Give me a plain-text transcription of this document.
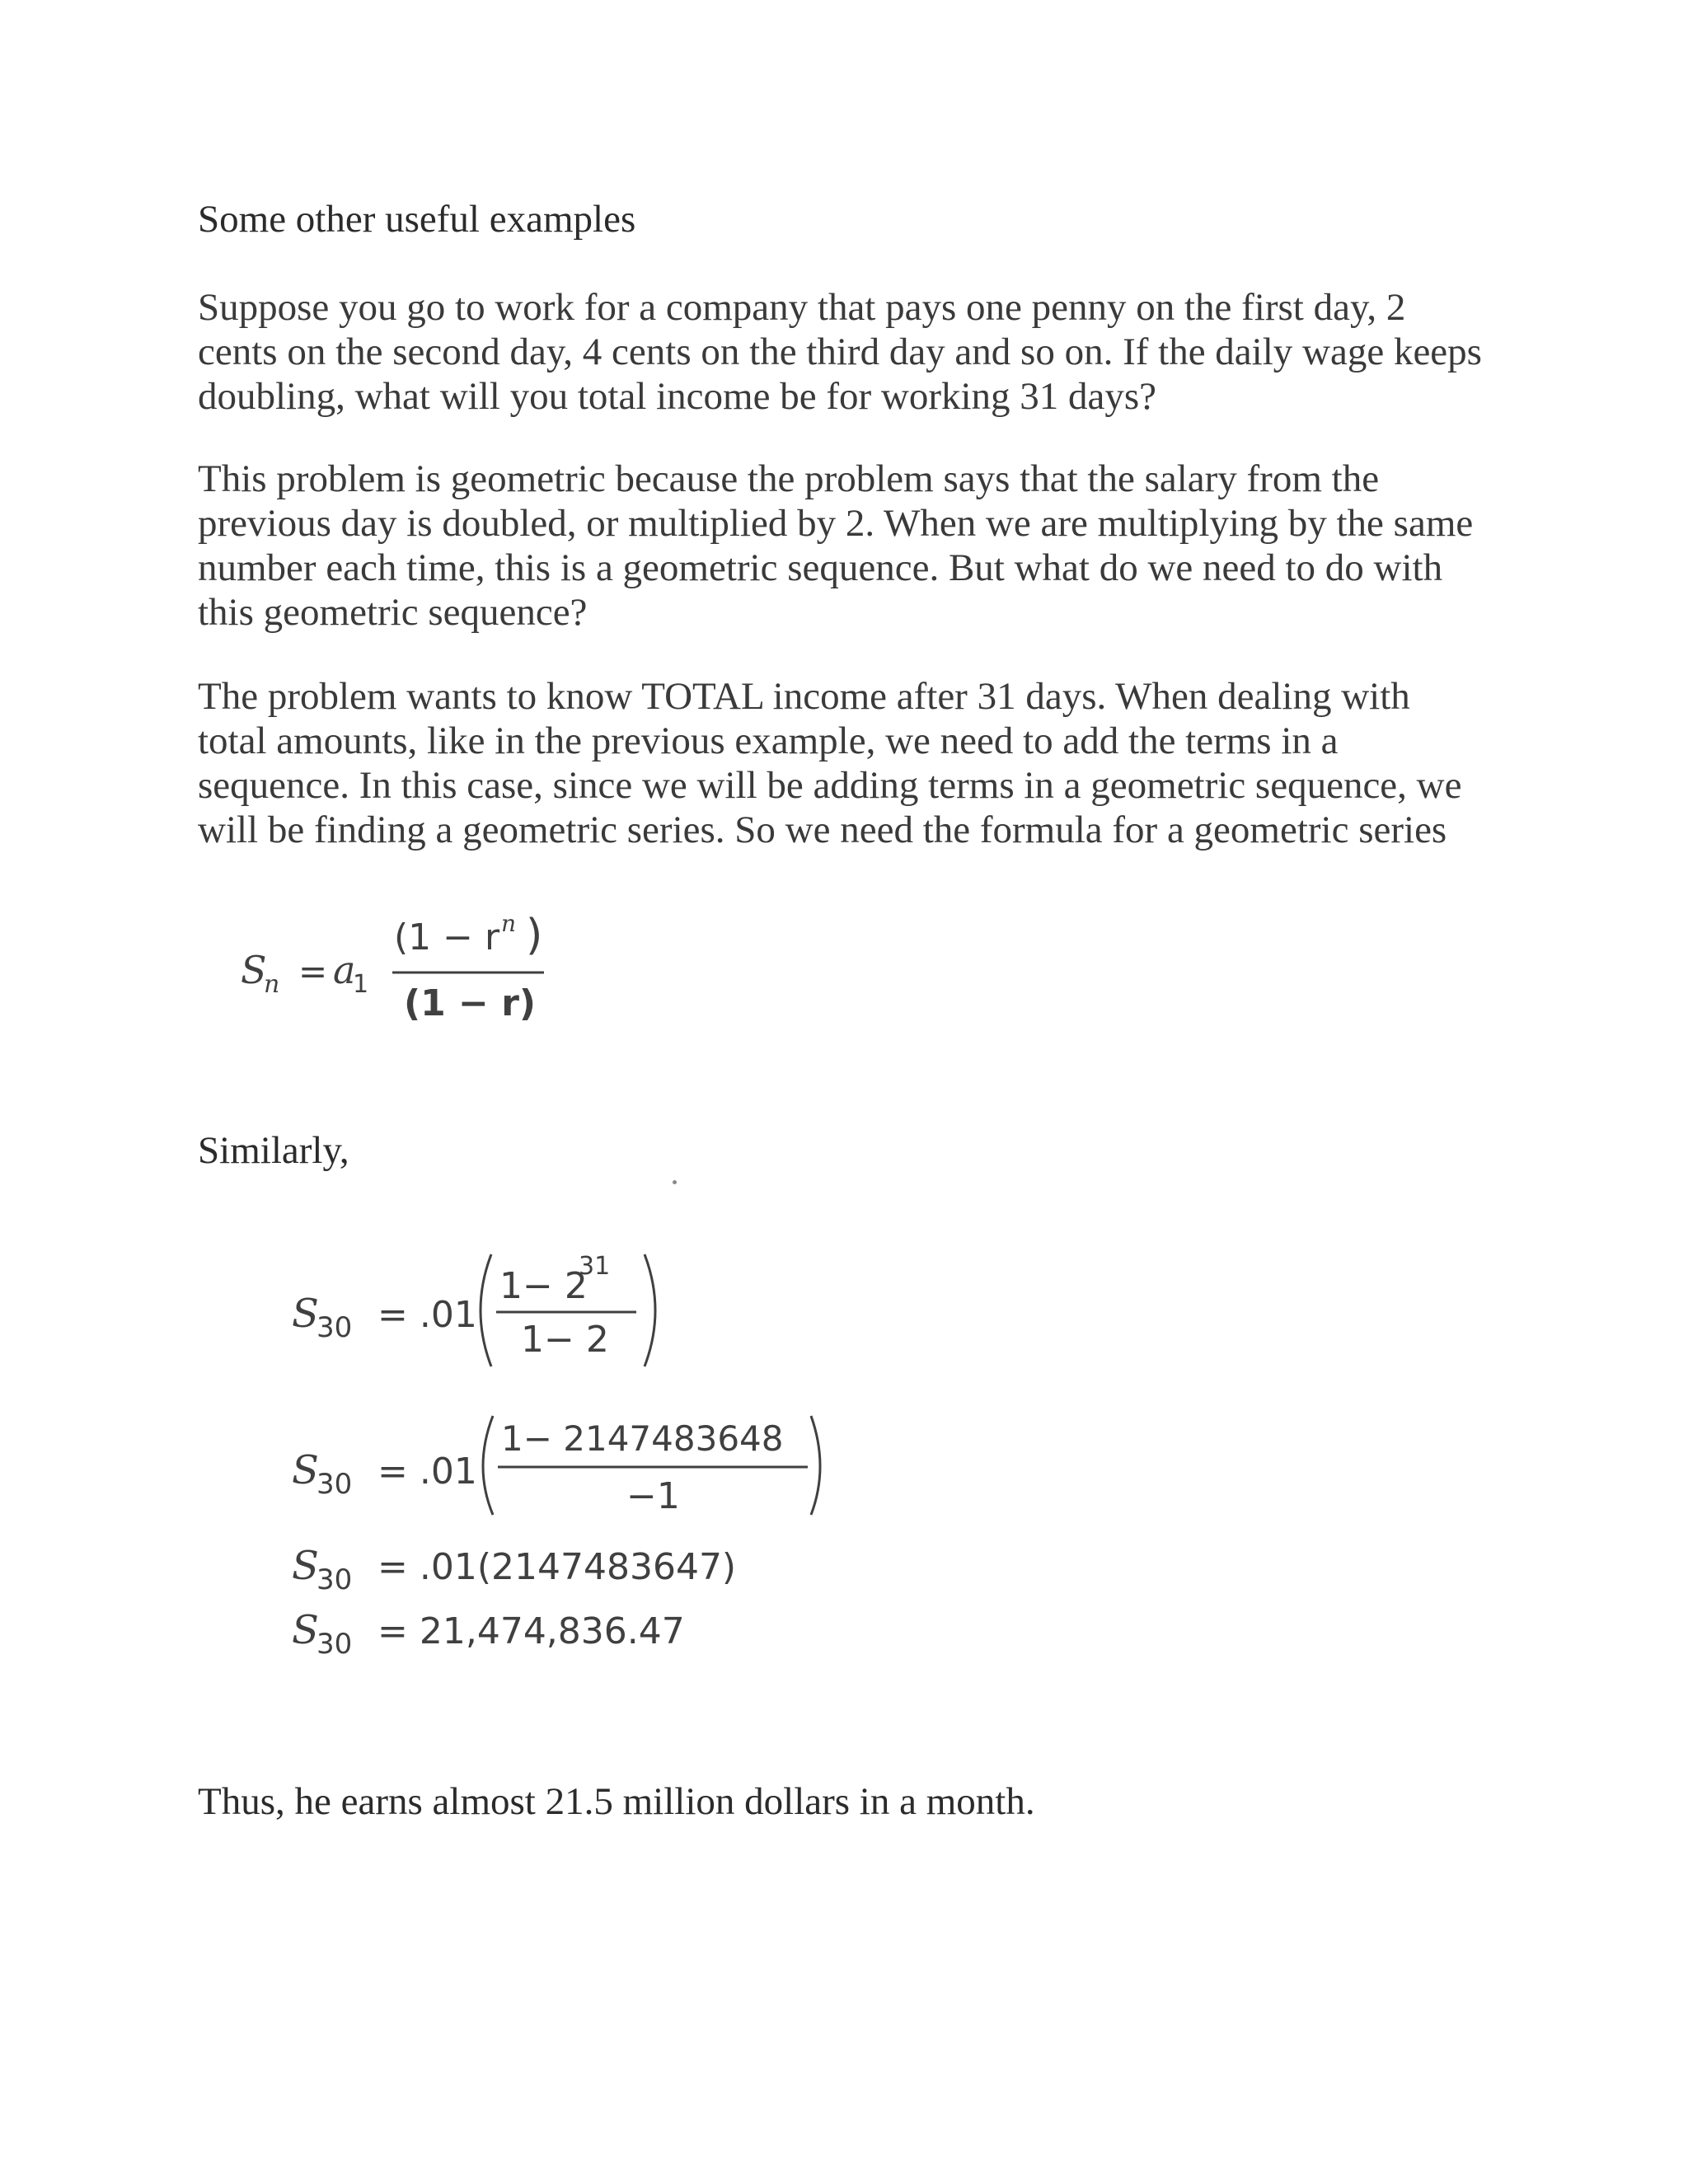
Some other useful examples

Suppose you go to work for a company that pays one penny on the first day, 2
cents on the second day, 4 cents on the third day and so on. If the daily wage keeps
doubling, what will you total income be for working 31 days?

This problem is geometric because the problem says that the salary from the
previous day is doubled, or multiplied by 2. When we are multiplying by the same
number each time, this is a geometric sequence. But what do we need to do with
this geometric sequence?

The problem wants to know TOTAL income after 31 days. When dealing with
total amounts, like in the previous example, we need to add the terms in a
sequence. In this case, since we will be adding terms in a geometric sequence, we
will be finding a geometric series. So we need the formula for a geometric series

S
n = a
1
(1 − r n )
(1 − r)
Similarly,
S
30 = .01
1− 2
31
1− 2
S
30 = .01
1− 2147483648
−1
S
30 = .01(2147483647)
S
30 = 21,474,836.47
Thus, he earns almost 21.5 million dollars in a month.
